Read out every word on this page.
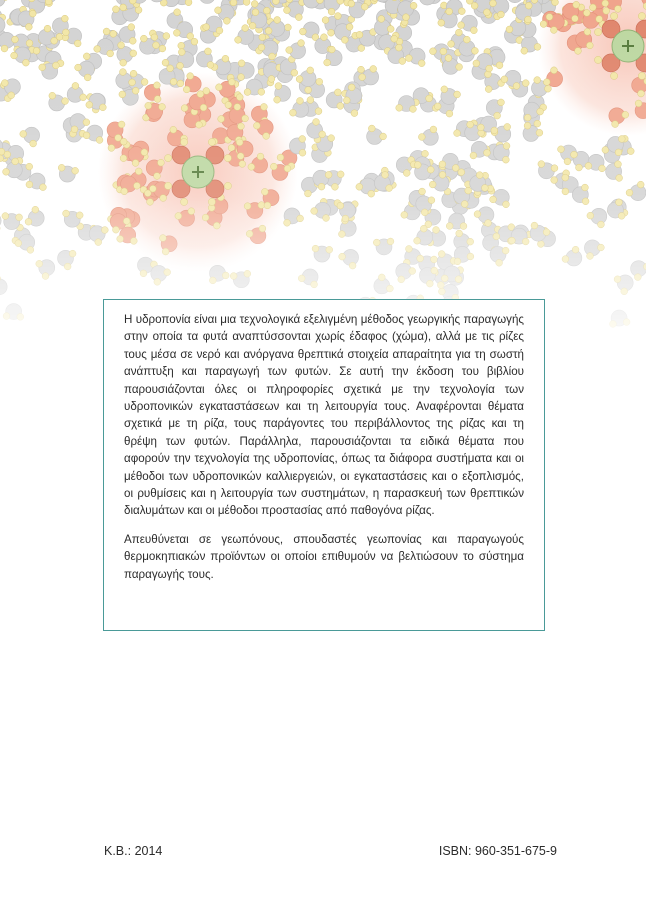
Η υδροπονία είναι μια τεχνολογικά εξελιγμένη μέθοδος γεωργικής παραγωγής στην οποία τα φυτά αναπτύσσονται χωρίς έδαφος (χώμα), αλλά με τις ρίζες τους μέσα σε νερό και ανόργανα θρεπτικά στοιχεία απαραίτητα για τη σωστή ανάπτυξη και παραγωγή των φυτών. Σε αυτή την έκδοση του βιβλίου παρουσιάζονται όλες οι πληροφορίες σχετικά με την τεχνολογία των υδροπονικών εγκαταστάσεων και τη λειτουργία τους. Αναφέρονται θέματα σχετικά με τη ρίζα, τους παράγοντες του περιβάλλοντος της ρίζας και τη θρέψη των φυτών. Παράλληλα, παρουσιάζονται τα ειδικά θέματα που αφορούν την τεχνολογία της υδροπονίας, όπως τα διάφορα συστήματα και οι μέθοδοι των υδροπονικών καλλιεργειών, οι εγκαταστάσεις και ο εξοπλισμός, οι ρυθμίσεις και η λειτουργία των συστημάτων, η παρασκευή των θρεπτικών διαλυμάτων και οι μέθοδοι προστασίας από παθογόνα ρίζας.

Απευθύνεται σε γεωπόνους, σπουδαστές γεωπονίας και παραγωγούς θερμοκηπιακών προϊόντων οι οποίοι επιθυμούν να βελτιώσουν το σύστημα παραγωγής τους.

Κ.Β.: 2014	ISBN: 960-351-675-9
